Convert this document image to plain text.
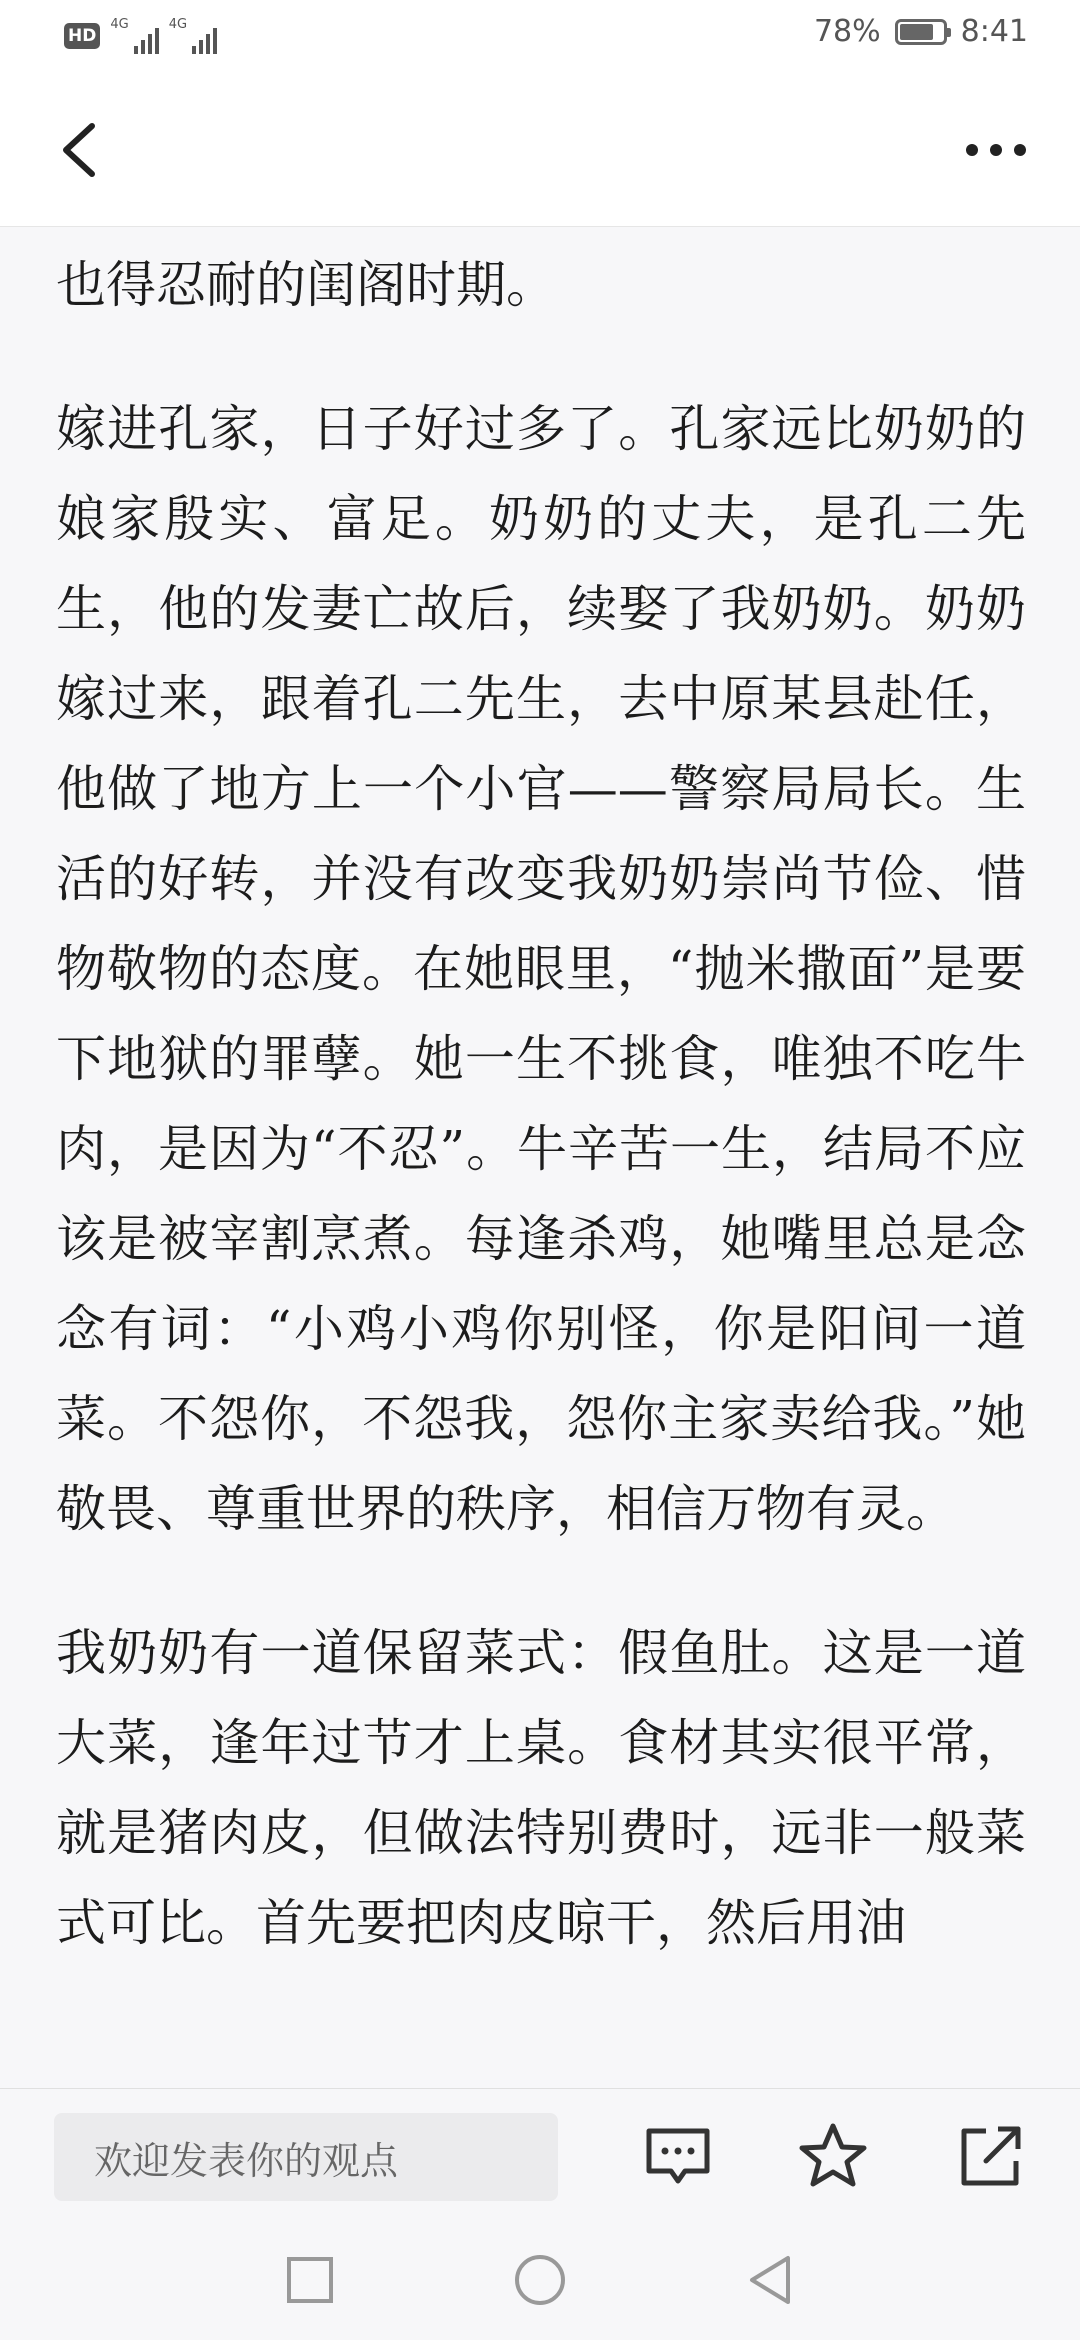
HD
4G	4G	78%	8:41

也得忍耐的闺阁时期。

嫁进孔家，日子好过多了。孔家远比奶奶的娘家殷实、富足。奶奶的丈夫，是孔二先生，他的发妻亡故后，续娶了我奶奶。奶奶嫁过来，跟着孔二先生，去中原某县赴任，他做了地方上一个小官——警察局局长。生活的好转，并没有改变我奶奶崇尚节俭、惜物敬物的态度。在她眼里，“抛米撒面”是要下地狱的罪孽。她一生不挑食，唯独不吃牛肉，是因为“不忍”。牛辛苦一生，结局不应该是被宰割烹煮。每逢杀鸡，她嘴里总是念念有词：“小鸡小鸡你别怪，你是阳间一道菜。不怨你，不怨我，怨你主家卖给我。”她敬畏、尊重世界的秩序，相信万物有灵。

我奶奶有一道保留菜式：假鱼肚。这是一道大菜，逢年过节才上桌。食材其实很平常，就是猪肉皮，但做法特别费时，远非一般菜式可比。首先要把肉皮晾干，然后用油

欢迎发表你的观点
